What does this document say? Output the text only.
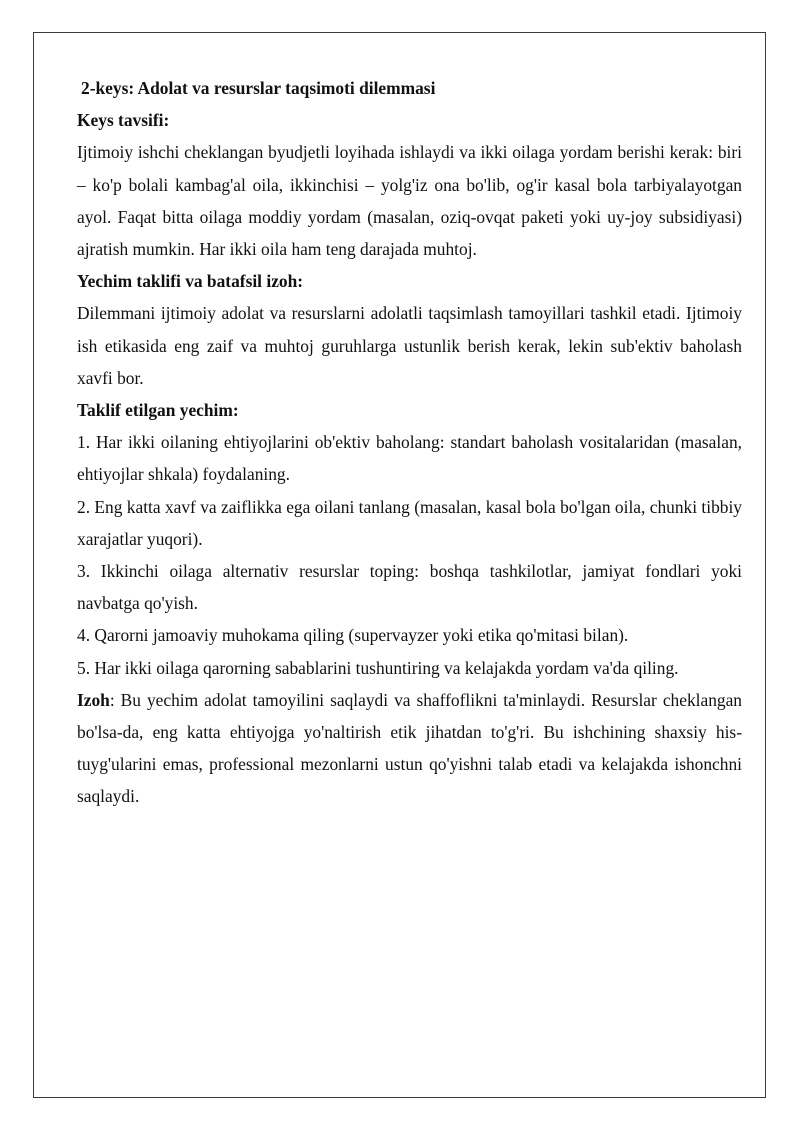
2-keys: Adolat va resurslar taqsimoti dilemmasi

Keys tavsifi:

Ijtimoiy ishchi cheklangan byudjetli loyihada ishlaydi va ikki oilaga yordam berishi kerak: biri – ko'p bolali kambag'al oila, ikkinchisi – yolg'iz ona bo'lib, og'ir kasal bola tarbiyalayotgan ayol. Faqat bitta oilaga moddiy yordam (masalan, oziq-ovqat paketi yoki uy-joy subsidiyasi) ajratish mumkin. Har ikki oila ham teng darajada muhtoj.

Yechim taklifi va batafsil izoh:

Dilemmani ijtimoiy adolat va resurslarni adolatli taqsimlash tamoyillari tashkil etadi. Ijtimoiy ish etikasida eng zaif va muhtoj guruhlarga ustunlik berish kerak, lekin sub'ektiv baholash xavfi bor.

Taklif etilgan yechim:

1. Har ikki oilaning ehtiyojlarini ob'ektiv baholang: standart baholash vositalaridan (masalan, ehtiyojlar shkala) foydalaning.

2. Eng katta xavf va zaiflikka ega oilani tanlang (masalan, kasal bola bo'lgan oila, chunki tibbiy xarajatlar yuqori).

3. Ikkinchi oilaga alternativ resurslar toping: boshqa tashkilotlar, jamiyat fondlari yoki navbatga qo'yish.

4. Qarorni jamoaviy muhokama qiling (supervayzer yoki etika qo'mitasi bilan).

5. Har ikki oilaga qarorning sabablarini tushuntiring va kelajakda yordam va'da qiling.

Izoh: Bu yechim adolat tamoyilini saqlaydi va shaffoflikni ta'minlaydi. Resurslar cheklangan bo'lsa-da, eng katta ehtiyojga yo'naltirish etik jihatdan to'g'ri. Bu ishchining shaxsiy his-tuyg'ularini emas, professional mezonlarni ustun qo'yishni talab etadi va kelajakda ishonchni saqlaydi.
